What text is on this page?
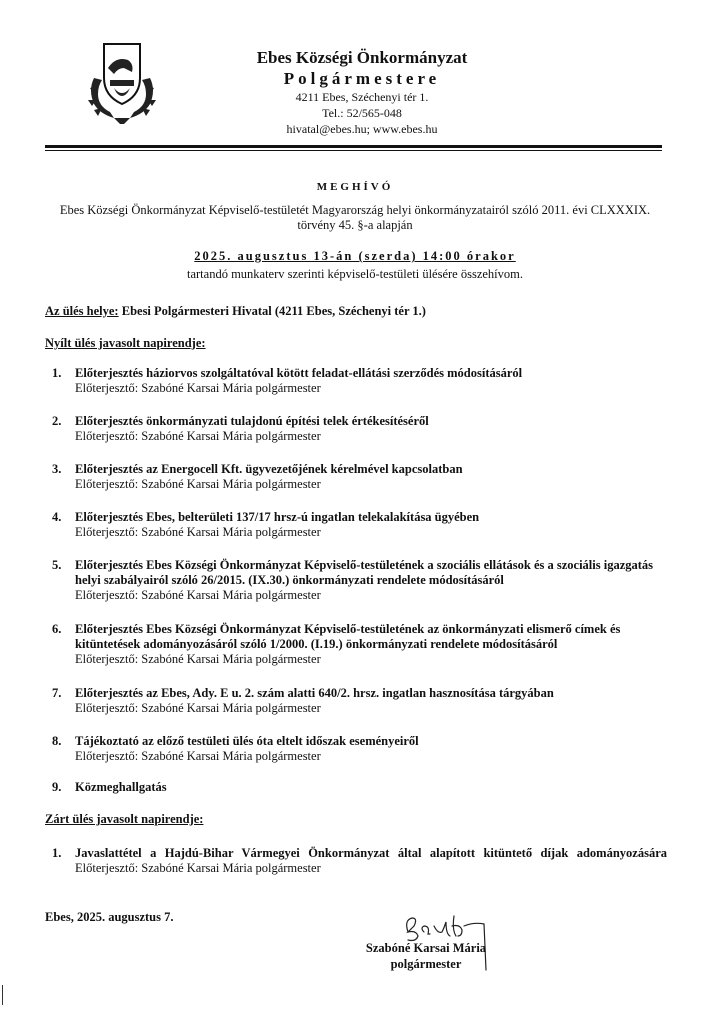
Ebes Községi Önkormányzat
Polgármestere
4211 Ebes, Széchenyi tér 1.
Tel.: 52/565-048
hivatal@ebes.hu; www.ebes.hu
MEGHÍVÓ
Ebes Községi Önkormányzat Képviselő-testületét Magyarország helyi önkormányzatairól szóló 2011. évi CLXXXIX. törvény 45. §-a alapján
2025. augusztus 13-án (szerda) 14:00 órakor
tartandó munkaterv szerinti képviselő-testületi ülésére összehívom.
Az ülés helye: Ebesi Polgármesteri Hivatal (4211 Ebes, Széchenyi tér 1.)
Nyílt ülés javasolt napirendje:
1. Előterjesztés háziorvos szolgáltatóval kötött feladat-ellátási szerződés módosításáról
Előterjesztő: Szabóné Karsai Mária polgármester
2. Előterjesztés önkormányzati tulajdonú építési telek értékesítéséről
Előterjesztő: Szabóné Karsai Mária polgármester
3. Előterjesztés az Energocell Kft. ügyvezetőjének kérelmével kapcsolatban
Előterjesztő: Szabóné Karsai Mária polgármester
4. Előterjesztés Ebes, belterületi 137/17 hrsz-ú ingatlan telekalakítása ügyében
Előterjesztő: Szabóné Karsai Mária polgármester
5. Előterjesztés Ebes Községi Önkormányzat Képviselő-testületének a szociális ellátások és a szociális igazgatás helyi szabályairól szóló 26/2015. (IX.30.) önkormányzati rendelete módosításáról
Előterjesztő: Szabóné Karsai Mária polgármester
6. Előterjesztés Ebes Községi Önkormányzat Képviselő-testületének az önkormányzati elismerő címek és kitüntetések adományozásáról szóló 1/2000. (I.19.) önkormányzati rendelete módosításáról
Előterjesztő: Szabóné Karsai Mária polgármester
7. Előterjesztés az Ebes, Ady. E u. 2. szám alatti 640/2. hrsz. ingatlan hasznosítása tárgyában
Előterjesztő: Szabóné Karsai Mária polgármester
8. Tájékoztató az előző testületi ülés óta eltelt időszak eseményeiről
Előterjesztő: Szabóné Karsai Mária polgármester
9. Közmeghallgatás
Zárt ülés javasolt napirendje:
1. Javaslattétel a Hajdú-Bihar Vármegyei Önkormányzat által alapított kitüntető díjak adományozására
Előterjesztő: Szabóné Karsai Mária polgármester
Ebes, 2025. augusztus 7.
Szabóné Karsai Mária
polgármester
